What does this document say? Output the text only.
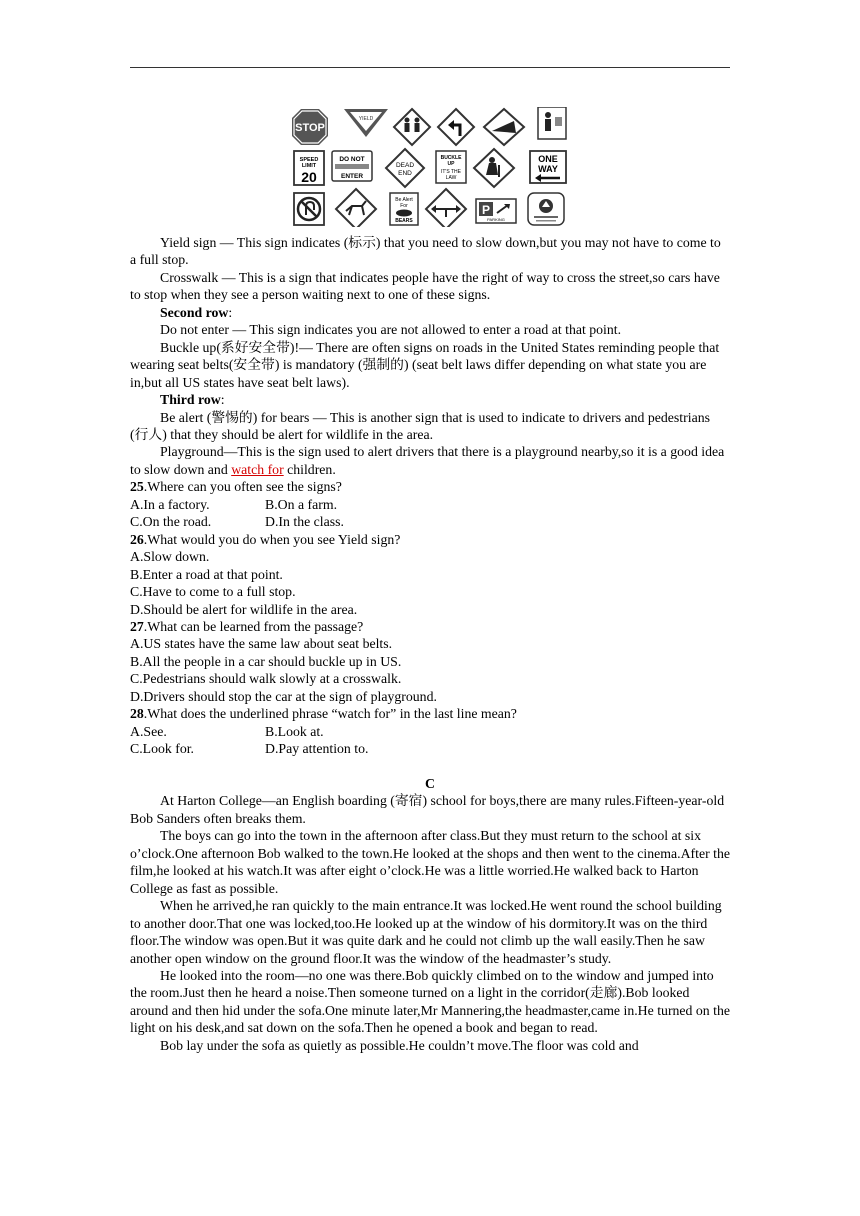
STOP
YIELD
SPEED
LIMIT
20
DO NOT
ENTER
DEAD
END
BUCKLE
UP
IT'S THE
LAW
ONE
WAY
Be Alert
For
BEARS
P
PARKING

Yield sign — This sign indicates (标示) that you need to slow down,but you may not have to come to a full stop.

Crosswalk — This is a sign that indicates people have the right of way to cross the street,so cars have to stop when they see a person waiting next to one of these signs.

Second row:

Do not enter — This sign indicates you are not allowed to enter a road at that point.

Buckle up(系好安全带)!— There are often signs on roads in the United States reminding people that wearing seat belts(安全带) is mandatory (强制的) (seat belt laws differ depending on what state you are in,but all US states have seat belt laws).

Third row:

Be alert (警惕的) for bears — This is another sign that is used to indicate to drivers and pedestrians (行人) that they should be alert for wildlife in the area.

Playground—This is the sign used to alert drivers that there is a playground nearby,so it is a good idea to slow down and watch for children.

25.Where can you often see the signs?

A.In a factory.	B.On a farm.

C.On the road.	D.In the class.

26.What would you do when you see Yield sign?

A.Slow down.

B.Enter a road at that point.

C.Have to come to a full stop.

D.Should be alert for wildlife in the area.

27.What can be learned from the passage?

A.US states have the same law about seat belts.

B.All the people in a car should buckle up in US.

C.Pedestrians should walk slowly at a crosswalk.

D.Drivers should stop the car at the sign of playground.

28.What does the underlined phrase “watch for” in the last line mean?

A.See.	B.Look at.

C.Look for.	D.Pay attention to.

C

At Harton College—an English boarding (寄宿) school for boys,there are many rules.Fifteen-year-old Bob Sanders often breaks them.

The boys can go into the town in the afternoon after class.But they must return to the school at six o’clock.One afternoon Bob walked to the town.He looked at the shops and then went to the cinema.After the film,he looked at his watch.It was after eight o’clock.He was a little worried.He walked back to Harton College as fast as possible.

When he arrived,he ran quickly to the main entrance.It was locked.He went round the school building to another door.That one was locked,too.He looked up at the window of his dormitory.It was on the third floor.The window was open.But it was quite dark and he could not climb up the wall easily.Then he saw another open window on the ground floor.It was the window of the headmaster’s study.

He looked into the room—no one was there.Bob quickly climbed on to the window and jumped into the room.Just then he heard a noise.Then someone turned on a light in the corridor(走廊).Bob looked around and then hid under the sofa.One minute later,Mr Mannering,the headmaster,came in.He turned on the light on his desk,and sat down on the sofa.Then he opened a book and began to read.

Bob lay under the sofa as quietly as possible.He couldn’t move.The floor was cold and
